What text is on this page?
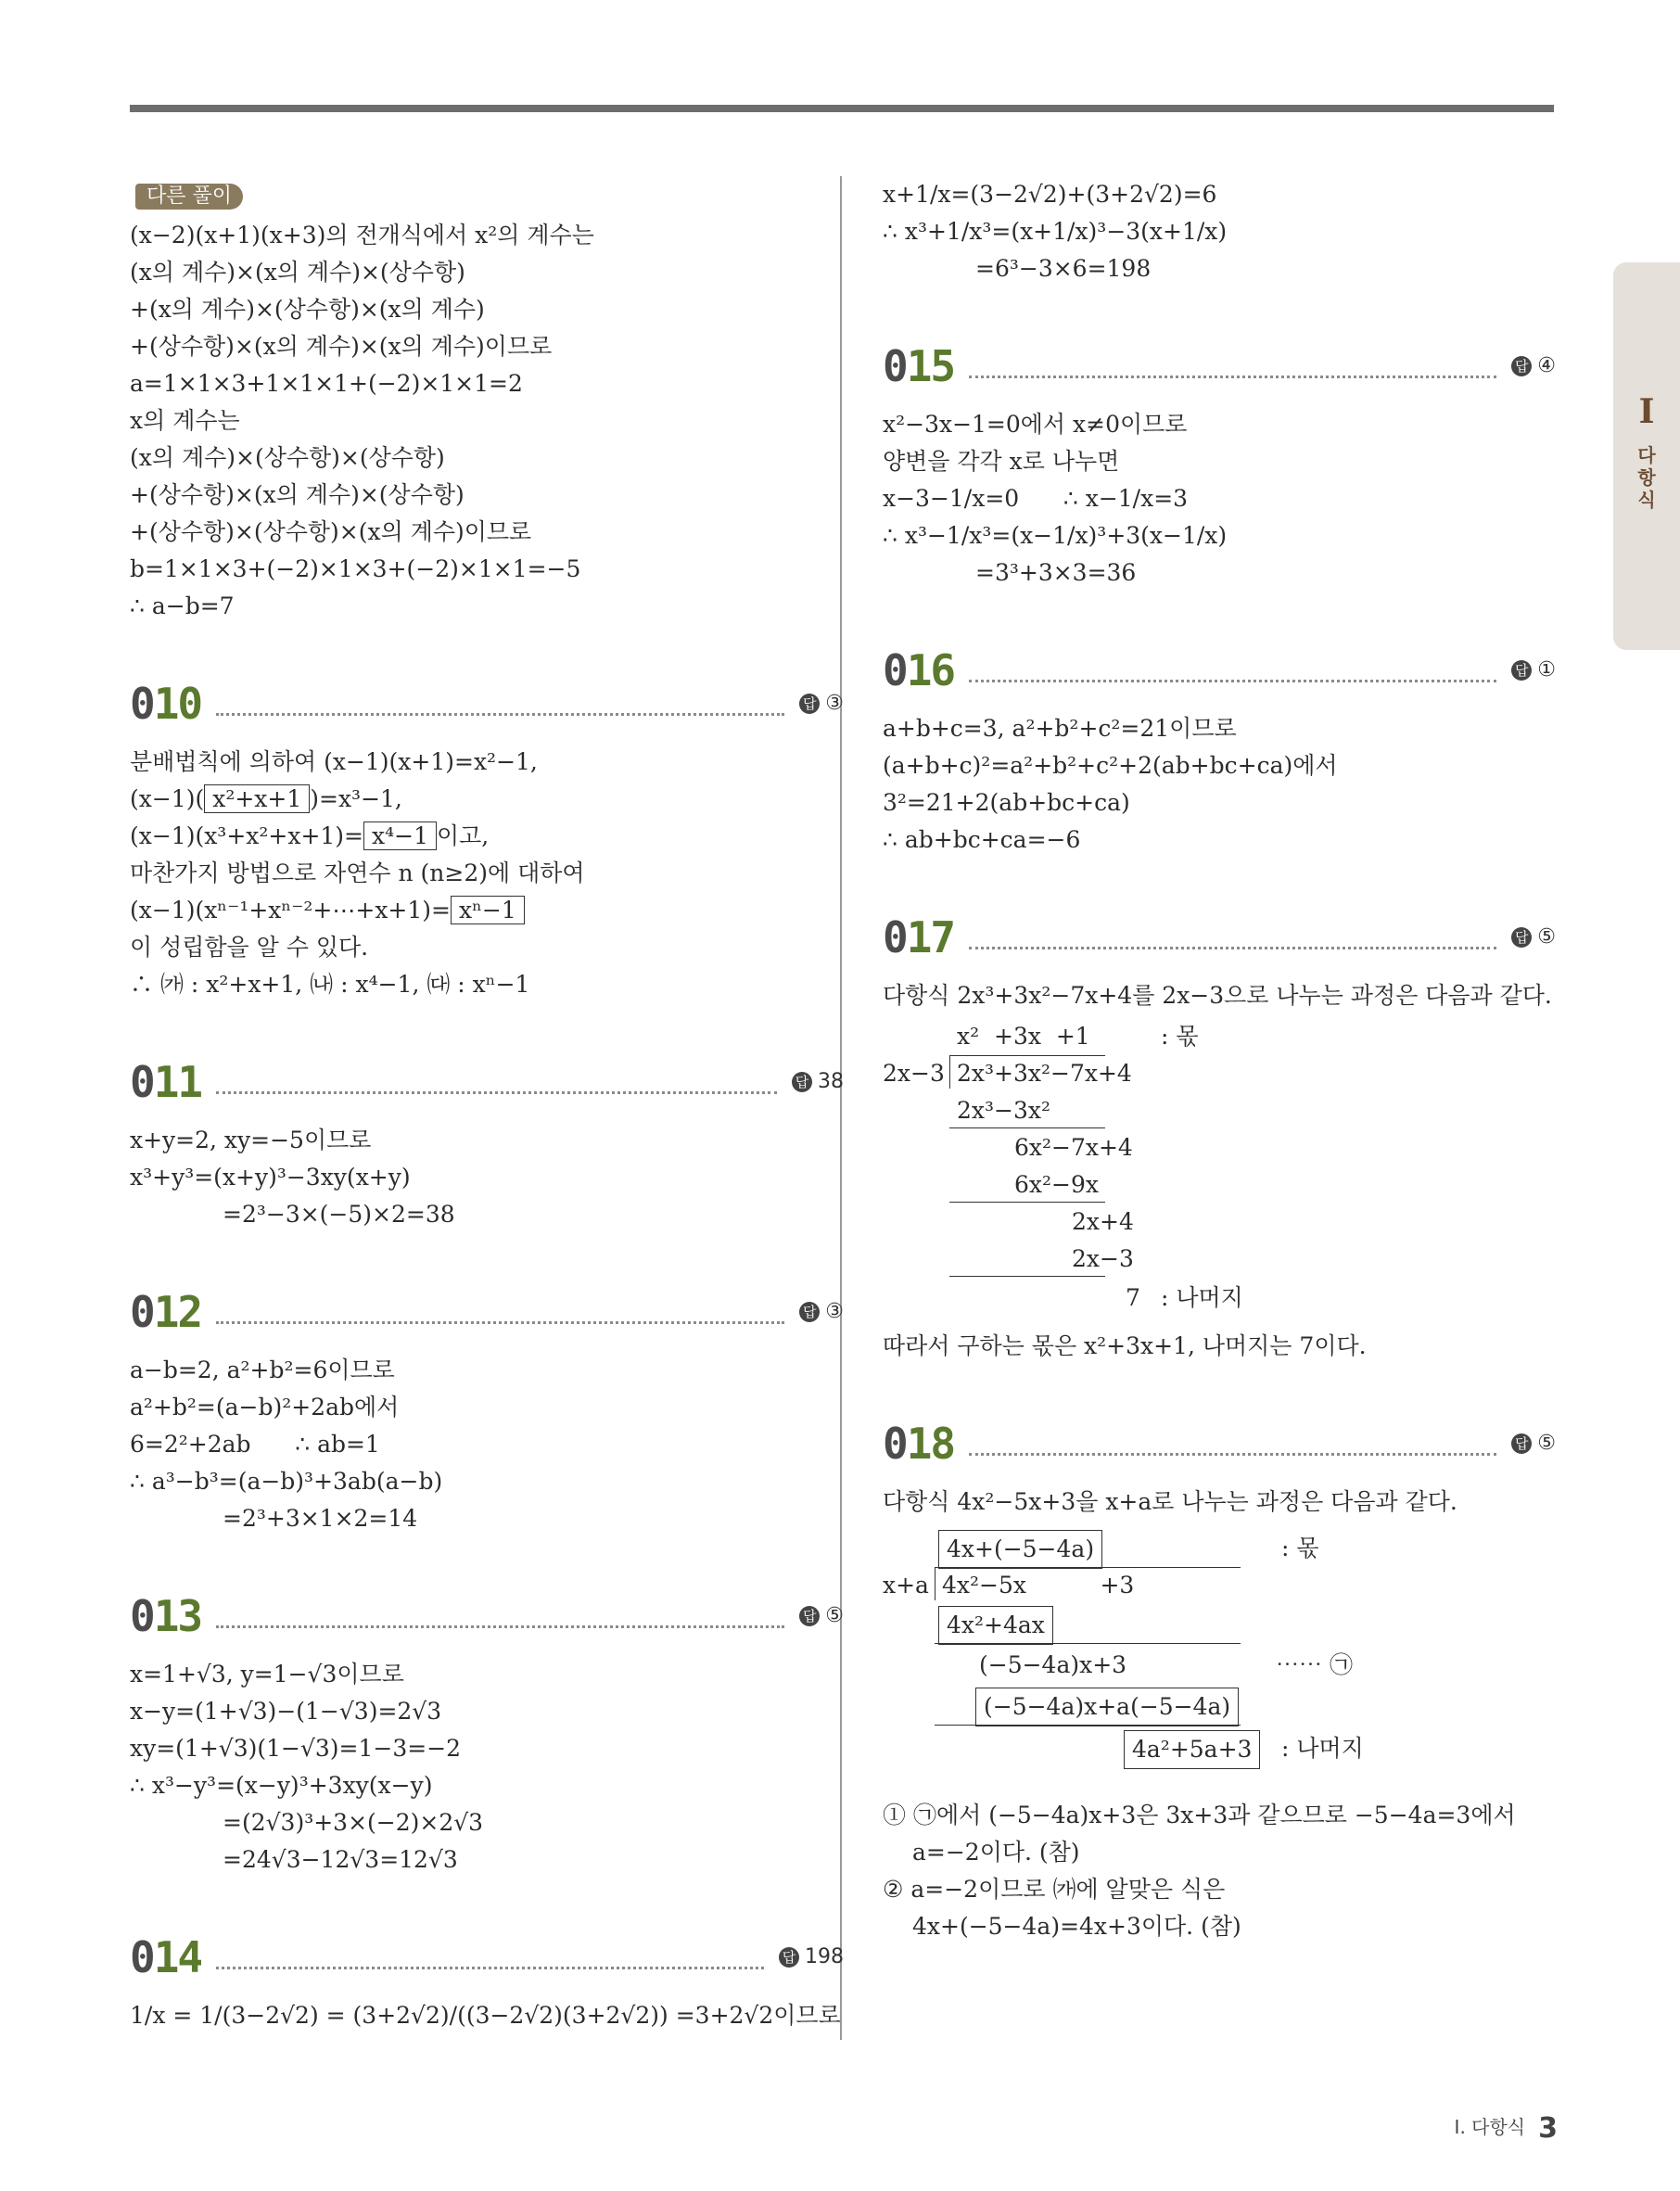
다른 풀이
(x−2)(x+1)(x+3)의 전개식에서 x²의 계수는
(x의 계수)×(x의 계수)×(상수항)
+(x의 계수)×(상수항)×(x의 계수)
+(상수항)×(x의 계수)×(x의 계수)이므로
a=1×1×3+1×1×1+(−2)×1×1=2
x의 계수는
(x의 계수)×(상수항)×(상수항)
+(상수항)×(x의 계수)×(상수항)
+(상수항)×(상수항)×(x의 계수)이므로
b=1×1×3+(−2)×1×3+(−2)×1×1=−5
∴ a−b=7
010	답 ③
분배법칙에 의하여 (x−1)(x+1)=x²−1,
(x−1)( x²+x+1 )=x³−1,
(x−1)(x³+x²+x+1)= x⁴−1 이고,
마찬가지 방법으로 자연수 n (n≥2)에 대하여
(x−1)(xⁿ⁻¹+xⁿ⁻²+⋯+x+1)= xⁿ−1
이 성립함을 알 수 있다.
∴ ㈎ : x²+x+1, ㈏ : x⁴−1, ㈐ : xⁿ−1
011	답 38
x+y=2, xy=−5이므로
x³+y³=(x+y)³−3xy(x+y)
=2³−3×(−5)×2=38
012	답 ③
a−b=2, a²+b²=6이므로
a²+b²=(a−b)²+2ab에서
6=2²+2ab      ∴ ab=1
∴ a³−b³=(a−b)³+3ab(a−b)
=2³+3×1×2=14
013	답 ⑤
x=1+√3, y=1−√3이므로
x−y=(1+√3)−(1−√3)=2√3
xy=(1+√3)(1−√3)=1−3=−2
∴ x³−y³=(x−y)³+3xy(x−y)
=(2√3)³+3×(−2)×2√3
=24√3−12√3=12√3
014	답 198
1/x = 1/(3−2√2) = (3+2√2)/((3−2√2)(3+2√2)) =3+2√2이므로
x+1/x=(3−2√2)+(3+2√2)=6
∴ x³+1/x³=(x+1/x)³−3(x+1/x)
=6³−3×6=198
015	답 ④
x²−3x−1=0에서 x≠0이므로
양변을 각각 x로 나누면
x−3−1/x=0      ∴ x−1/x=3
∴ x³−1/x³=(x−1/x)³+3(x−1/x)
=3³+3×3=36
016	답 ①
a+b+c=3, a²+b²+c²=21이므로
(a+b+c)²=a²+b²+c²+2(ab+bc+ca)에서
3²=21+2(ab+bc+ca)
∴ ab+bc+ca=−6
017	답 ⑤
다항식 2x³+3x²−7x+4를 2x−3으로 나누는 과정은 다음과 같다.
x²  +3x  +1	: 몫
2x−3 2x³+3x²−7x+4
2x³−3x²
6x²−7x+4
6x²−9x
2x+4
2x−3
7 : 나머지
따라서 구하는 몫은 x²+3x+1, 나머지는 7이다.
018	답 ⑤
다항식 4x²−5x+3을 x+a로 나누는 과정은 다음과 같다.
4x+(−5−4a)	: 몫
x+a 4x²−5x          +3
4x²+4ax
(−5−4a)x+3	⋯⋯ ㉠
(−5−4a)x+a(−5−4a)
4a²+5a+3	: 나머지
① ㉠에서 (−5−4a)x+3은 3x+3과 같으므로 −5−4a=3에서
a=−2이다. (참)
② a=−2이므로 ㈎에 알맞은 식은
4x+(−5−4a)=4x+3이다. (참)
I
다
항
식
I. 다항식 3
